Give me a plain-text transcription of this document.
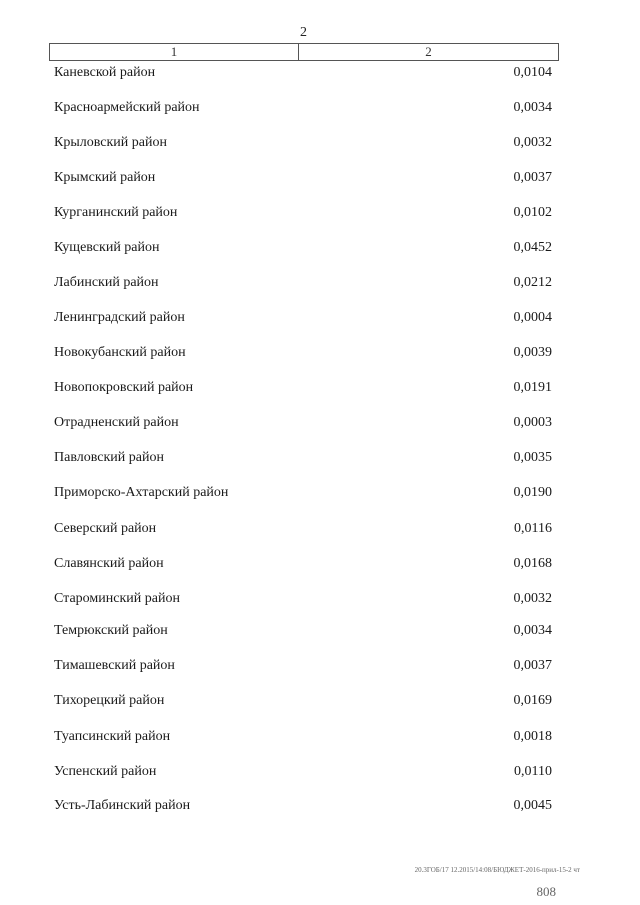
2
1	2
Каневской район	0,0104
Красноармейский район	0,0034
Крыловский район	0,0032
Крымский район	0,0037
Курганинский район	0,0102
Кущевский район	0,0452
Лабинский район	0,0212
Ленинградский район	0,0004
Новокубанский район	0,0039
Новопокровский район	0,0191
Отрадненский район	0,0003
Павловский район	0,0035
Приморско-Ахтарский район	0,0190
Северский район	0,0116
Славянский район	0,0168
Староминский район	0,0032
Темрюкский район	0,0034
Тимашевский район	0,0037
Тихорецкий район	0,0169
Туапсинский район	0,0018
Успенский район	0,0110
Усть-Лабинский район	0,0045
20.3ГОБ/17 12.2015/14:08/БЮДЖЕТ-2016-прил-15-2 чт
808
